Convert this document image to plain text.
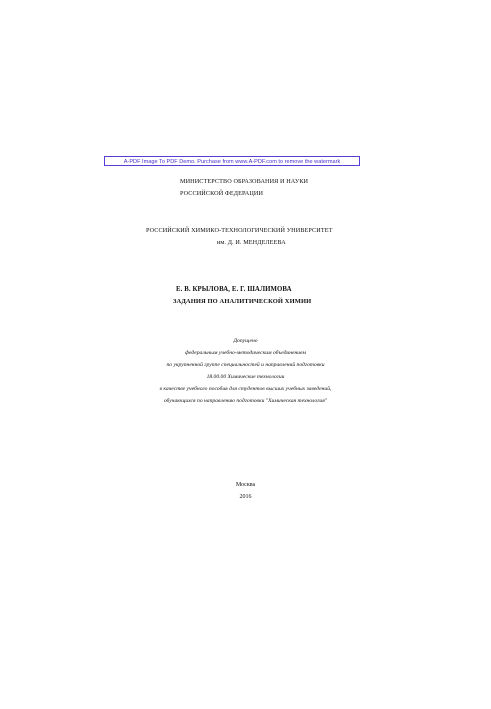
A-PDF Image To PDF Demo. Purchase from www.A-PDF.com to remove the watermark
МИНИСТЕРСТВО ОБРАЗОВАНИЯ И НАУКИ
РОССИЙСКОЙ ФЕДЕРАЦИИ
РОССИЙСКИЙ ХИМИКО-ТЕХНОЛОГИЧЕСКИЙ УНИВЕРСИТЕТ
им. Д. И. МЕНДЕЛЕЕВА
Е. В. КРЫЛОВА, Е. Г. ШАЛИМОВА
ЗАДАНИЯ ПО АНАЛИТИЧЕСКОЙ ХИМИИ
Допущено
федеральным учебно-методическим объединением
по укрупненной группе специальностей и направлений подготовки
18.00.00 Химические технологии
в качестве учебного пособия для студентов высших учебных заведений,
обучающихся по направлению подготовки "Химическая технология"
Москва
2016
